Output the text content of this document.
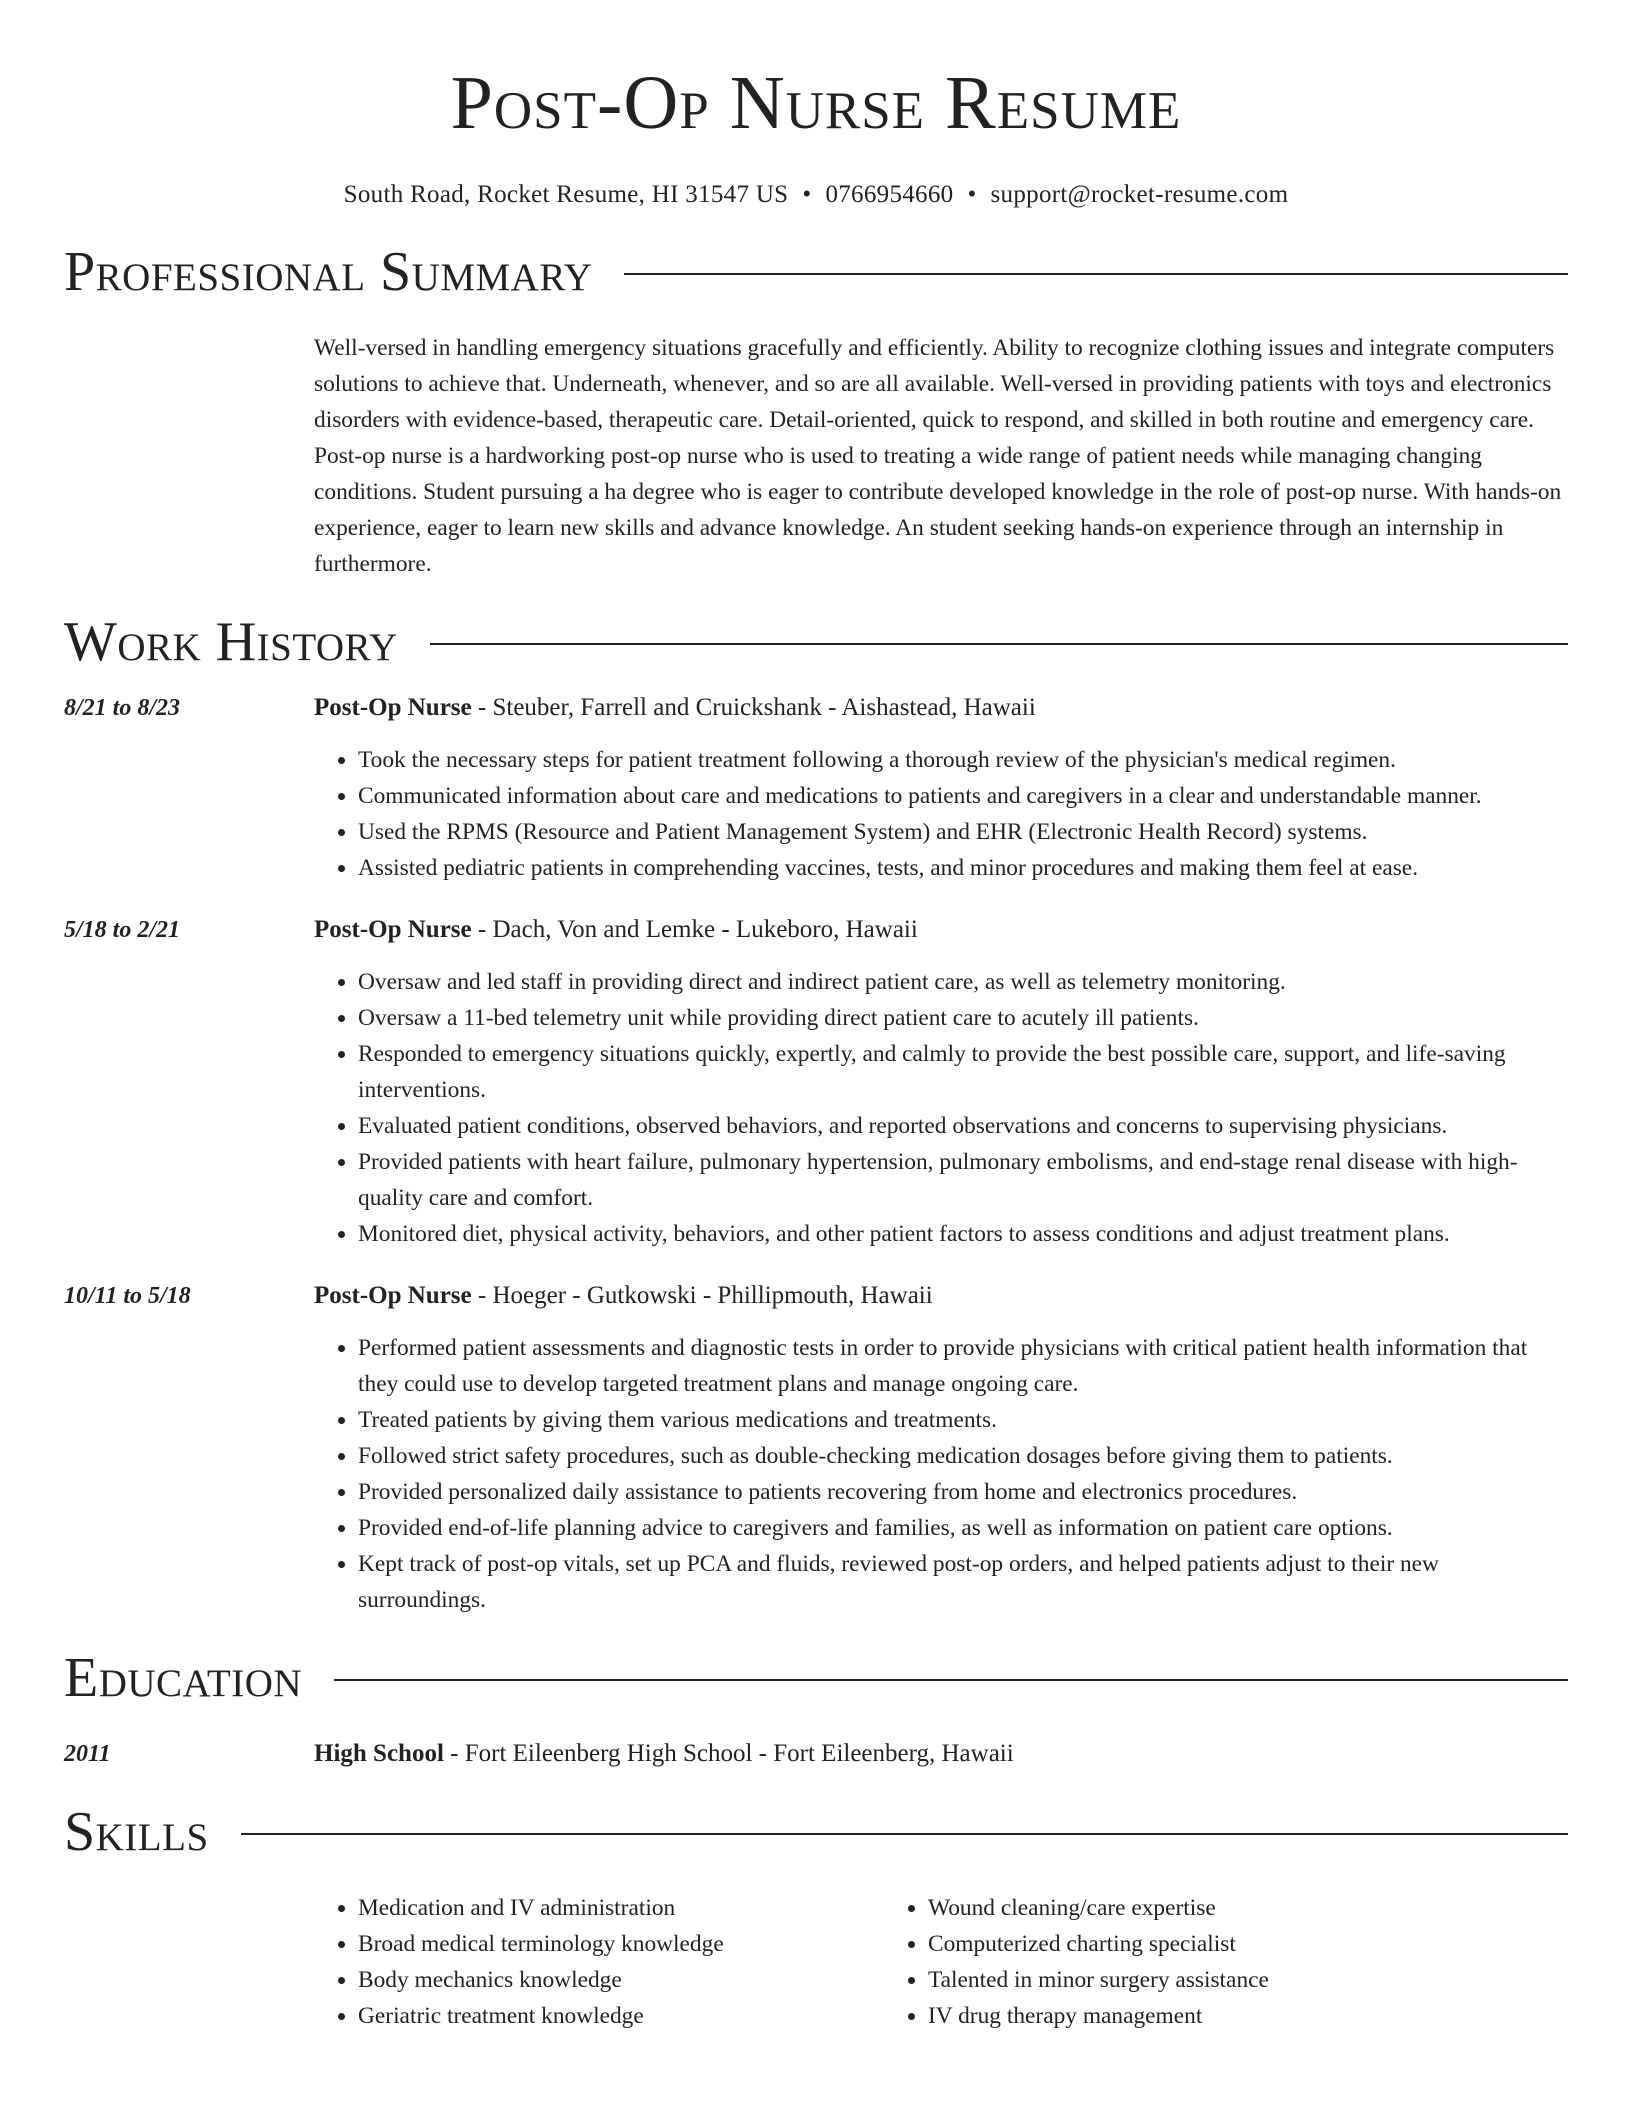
Post-Op Nurse Resume
South Road, Rocket Resume, HI 31547 US • 0766954660 • support@rocket-resume.com
Professional Summary
Well-versed in handling emergency situations gracefully and efficiently. Ability to recognize clothing issues and integrate computers solutions to achieve that. Underneath, whenever, and so are all available. Well-versed in providing patients with toys and electronics disorders with evidence-based, therapeutic care. Detail-oriented, quick to respond, and skilled in both routine and emergency care. Post-op nurse is a hardworking post-op nurse who is used to treating a wide range of patient needs while managing changing conditions. Student pursuing a ha degree who is eager to contribute developed knowledge in the role of post-op nurse. With hands-on experience, eager to learn new skills and advance knowledge. An student seeking hands-on experience through an internship in furthermore.
Work History
8/21 to 8/23	Post-Op Nurse - Steuber, Farrell and Cruickshank - Aishastead, Hawaii
• Took the necessary steps for patient treatment following a thorough review of the physician's medical regimen.
• Communicated information about care and medications to patients and caregivers in a clear and understandable manner.
• Used the RPMS (Resource and Patient Management System) and EHR (Electronic Health Record) systems.
• Assisted pediatric patients in comprehending vaccines, tests, and minor procedures and making them feel at ease.
5/18 to 2/21	Post-Op Nurse - Dach, Von and Lemke - Lukeboro, Hawaii
• Oversaw and led staff in providing direct and indirect patient care, as well as telemetry monitoring.
• Oversaw a 11-bed telemetry unit while providing direct patient care to acutely ill patients.
• Responded to emergency situations quickly, expertly, and calmly to provide the best possible care, support, and life-saving interventions.
• Evaluated patient conditions, observed behaviors, and reported observations and concerns to supervising physicians.
• Provided patients with heart failure, pulmonary hypertension, pulmonary embolisms, and end-stage renal disease with high-quality care and comfort.
• Monitored diet, physical activity, behaviors, and other patient factors to assess conditions and adjust treatment plans.
10/11 to 5/18	Post-Op Nurse - Hoeger - Gutkowski - Phillipmouth, Hawaii
• Performed patient assessments and diagnostic tests in order to provide physicians with critical patient health information that they could use to develop targeted treatment plans and manage ongoing care.
• Treated patients by giving them various medications and treatments.
• Followed strict safety procedures, such as double-checking medication dosages before giving them to patients.
• Provided personalized daily assistance to patients recovering from home and electronics procedures.
• Provided end-of-life planning advice to caregivers and families, as well as information on patient care options.
• Kept track of post-op vitals, set up PCA and fluids, reviewed post-op orders, and helped patients adjust to their new surroundings.
Education
2011	High School - Fort Eileenberg High School - Fort Eileenberg, Hawaii
Skills
• Medication and IV administration
• Broad medical terminology knowledge
• Body mechanics knowledge
• Geriatric treatment knowledge
• Wound cleaning/care expertise
• Computerized charting specialist
• Talented in minor surgery assistance
• IV drug therapy management
